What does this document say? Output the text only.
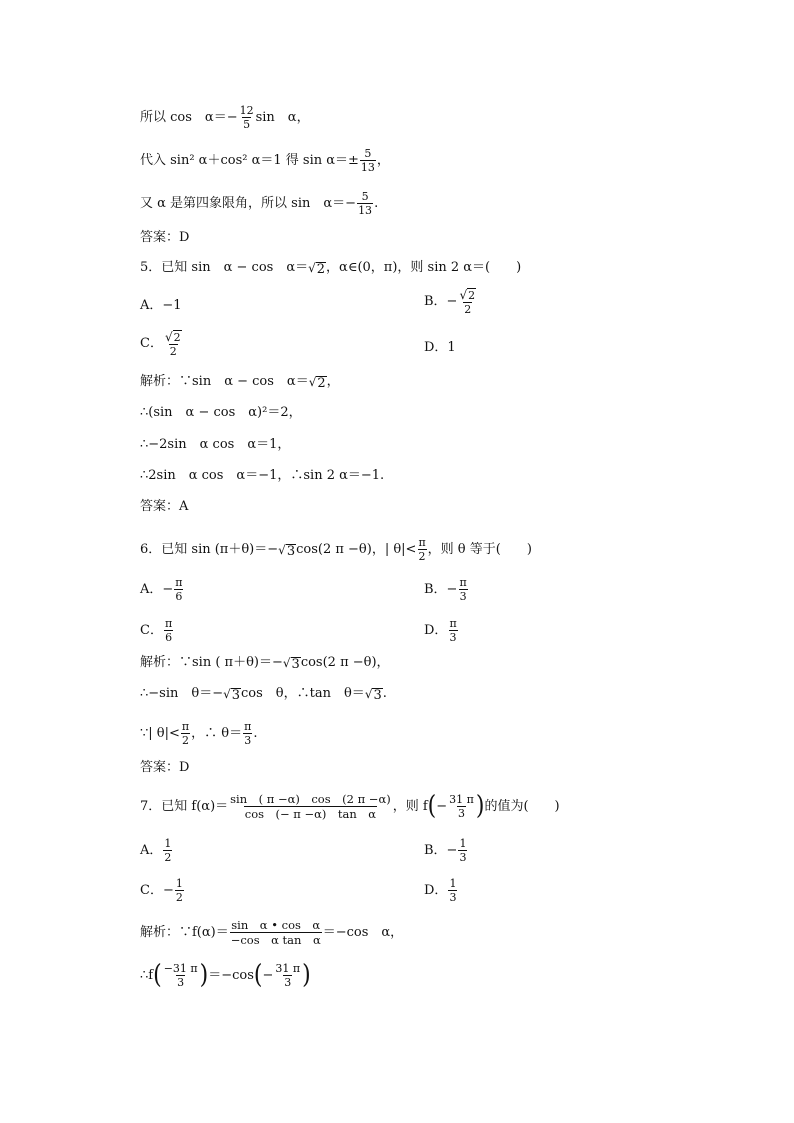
所以 cos　$\alpha=- \frac{12}{5}$ sin　α，
代入 sin² α＋cos² α＝1 得 $\sin \alpha=\pm \frac{5}{13}$ ，
又 α 是第四象限角，所以 sin　$\alpha=- \frac{5}{13}$ .
答案：D
5．已知 sin　α − cos　α＝ √ 2 ，α∈(0，π)，则 sin 2 α＝(　　)
A．−1	B．− $\frac{√ 2}{2}$
C． $\frac{√ 2}{2}$	D．1
解析：∵sin　α − cos　α＝ √ 2 ，
∴(sin　α − cos　α)²＝2，
∴−2sin　α cos　α＝1，
∴2sin　α cos　α＝−1，∴sin 2 α＝−1.
答案：A
6．已知 sin (π＋θ)＝− √ 3 cos(2 π −θ)，| $\theta|< \frac{\pi}{2}$ ，则 θ 等于(　　)
A．− $\frac{\pi}{6}$	B．− $\frac{\pi}{3}$
C． $\frac{\pi}{6}$	D． $\frac{\pi}{3}$
解析：∵sin ( π＋θ)＝− √ 3 cos(2 π −θ)，
∴−sin　θ＝− √ 3 cos　θ，∴tan　θ＝ √ 3 .
∵| $\theta|< \frac{\pi}{2}$ ，∴ $\theta= \frac{\pi}{3}$ .
答案：D
7．已知 $f(\alpha)= \frac{\sin ( \pi -\alpha) \cos (2 \pi -\alpha)}{\text{cos　(− π −α)　tan　α}}$ ，则 f ( − $\frac{31 \pi}{3}$ ) 的值为(　　)
A． $\frac{1}{2}$	B．− $\frac{1}{3}$
C．− $\frac{1}{2}$	D． $\frac{1}{3}$
解析：∵f(α)＝ $\frac{\text{sin　α • cos　α}}{\text{−cos　α tan　α}} =-\cos$　α，
∴f ( $\frac{-31 \pi}{3}$ ) ＝−cos ( − $\frac{31 \pi}{3}$ )
